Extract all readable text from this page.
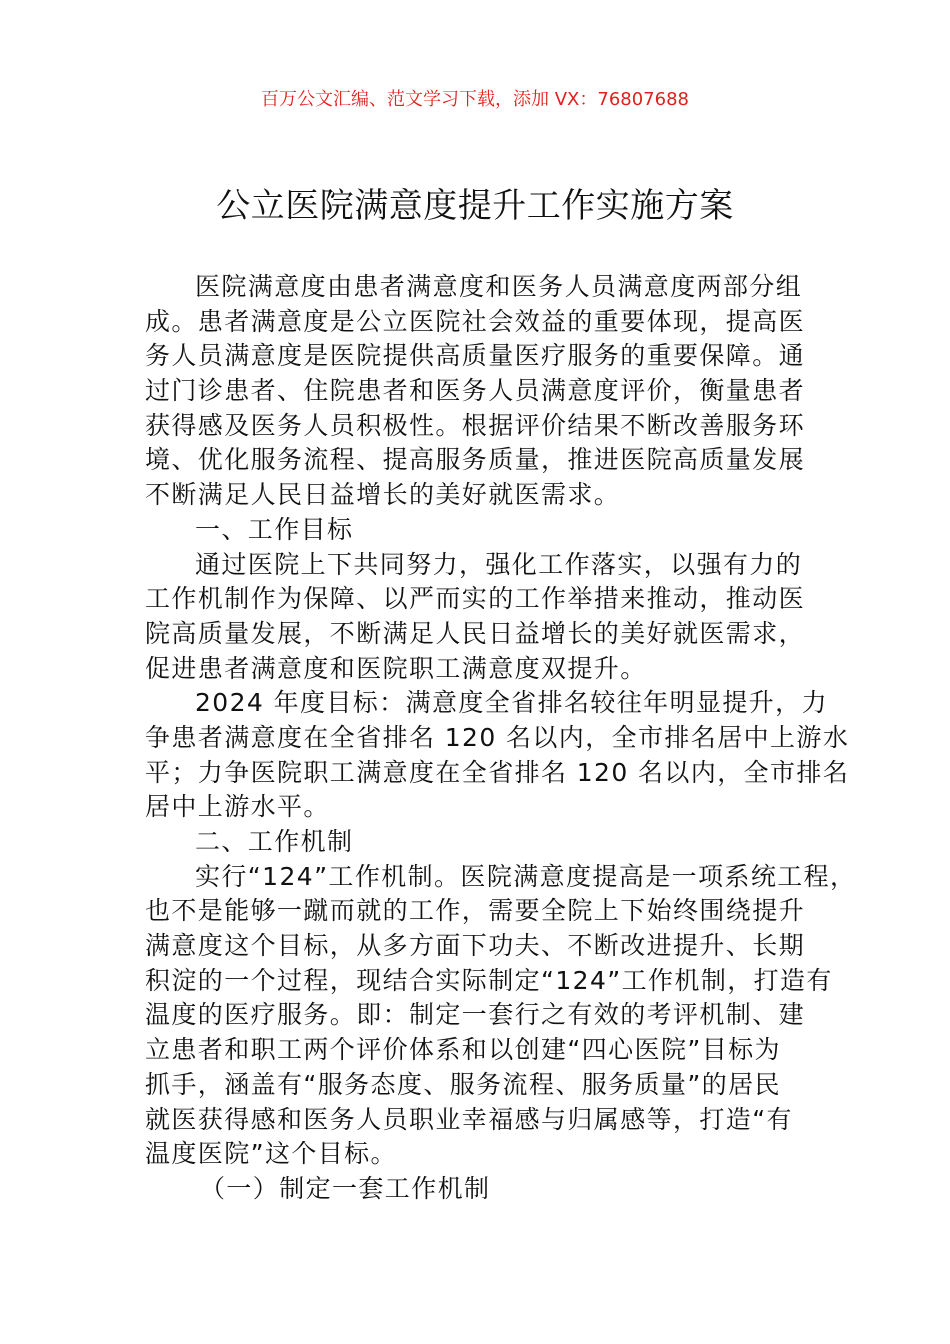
百万公文汇编、范文学习下载，添加 VX：76807688
公立医院满意度提升工作实施方案
医院满意度由患者满意度和医务人员满意度两部分组
成。患者满意度是公立医院社会效益的重要体现，提高医
务人员满意度是医院提供高质量医疗服务的重要保障。通
过门诊患者、住院患者和医务人员满意度评价，衡量患者
获得感及医务人员积极性。根据评价结果不断改善服务环
境、优化服务流程、提高服务质量，推进医院高质量发展
不断满足人民日益增长的美好就医需求。
一、工作目标
通过医院上下共同努力，强化工作落实，以强有力的
工作机制作为保障、以严而实的工作举措来推动，推动医
院高质量发展，不断满足人民日益增长的美好就医需求，
促进患者满意度和医院职工满意度双提升。
2024 年度目标：满意度全省排名较往年明显提升，力
争患者满意度在全省排名 120 名以内，全市排名居中上游水
平；力争医院职工满意度在全省排名 120 名以内，全市排名
居中上游水平。
二、工作机制
实行“124”工作机制。医院满意度提高是一项系统工程，
也不是能够一蹴而就的工作，需要全院上下始终围绕提升
满意度这个目标，从多方面下功夫、不断改进提升、长期
积淀的一个过程，现结合实际制定“124”工作机制，打造有
温度的医疗服务。即：制定一套行之有效的考评机制、建
立患者和职工两个评价体系和以创建“四心医院”目标为
抓手，涵盖有“服务态度、服务流程、服务质量”的居民
就医获得感和医务人员职业幸福感与归属感等，打造“有
温度医院”这个目标。
（一）制定一套工作机制
